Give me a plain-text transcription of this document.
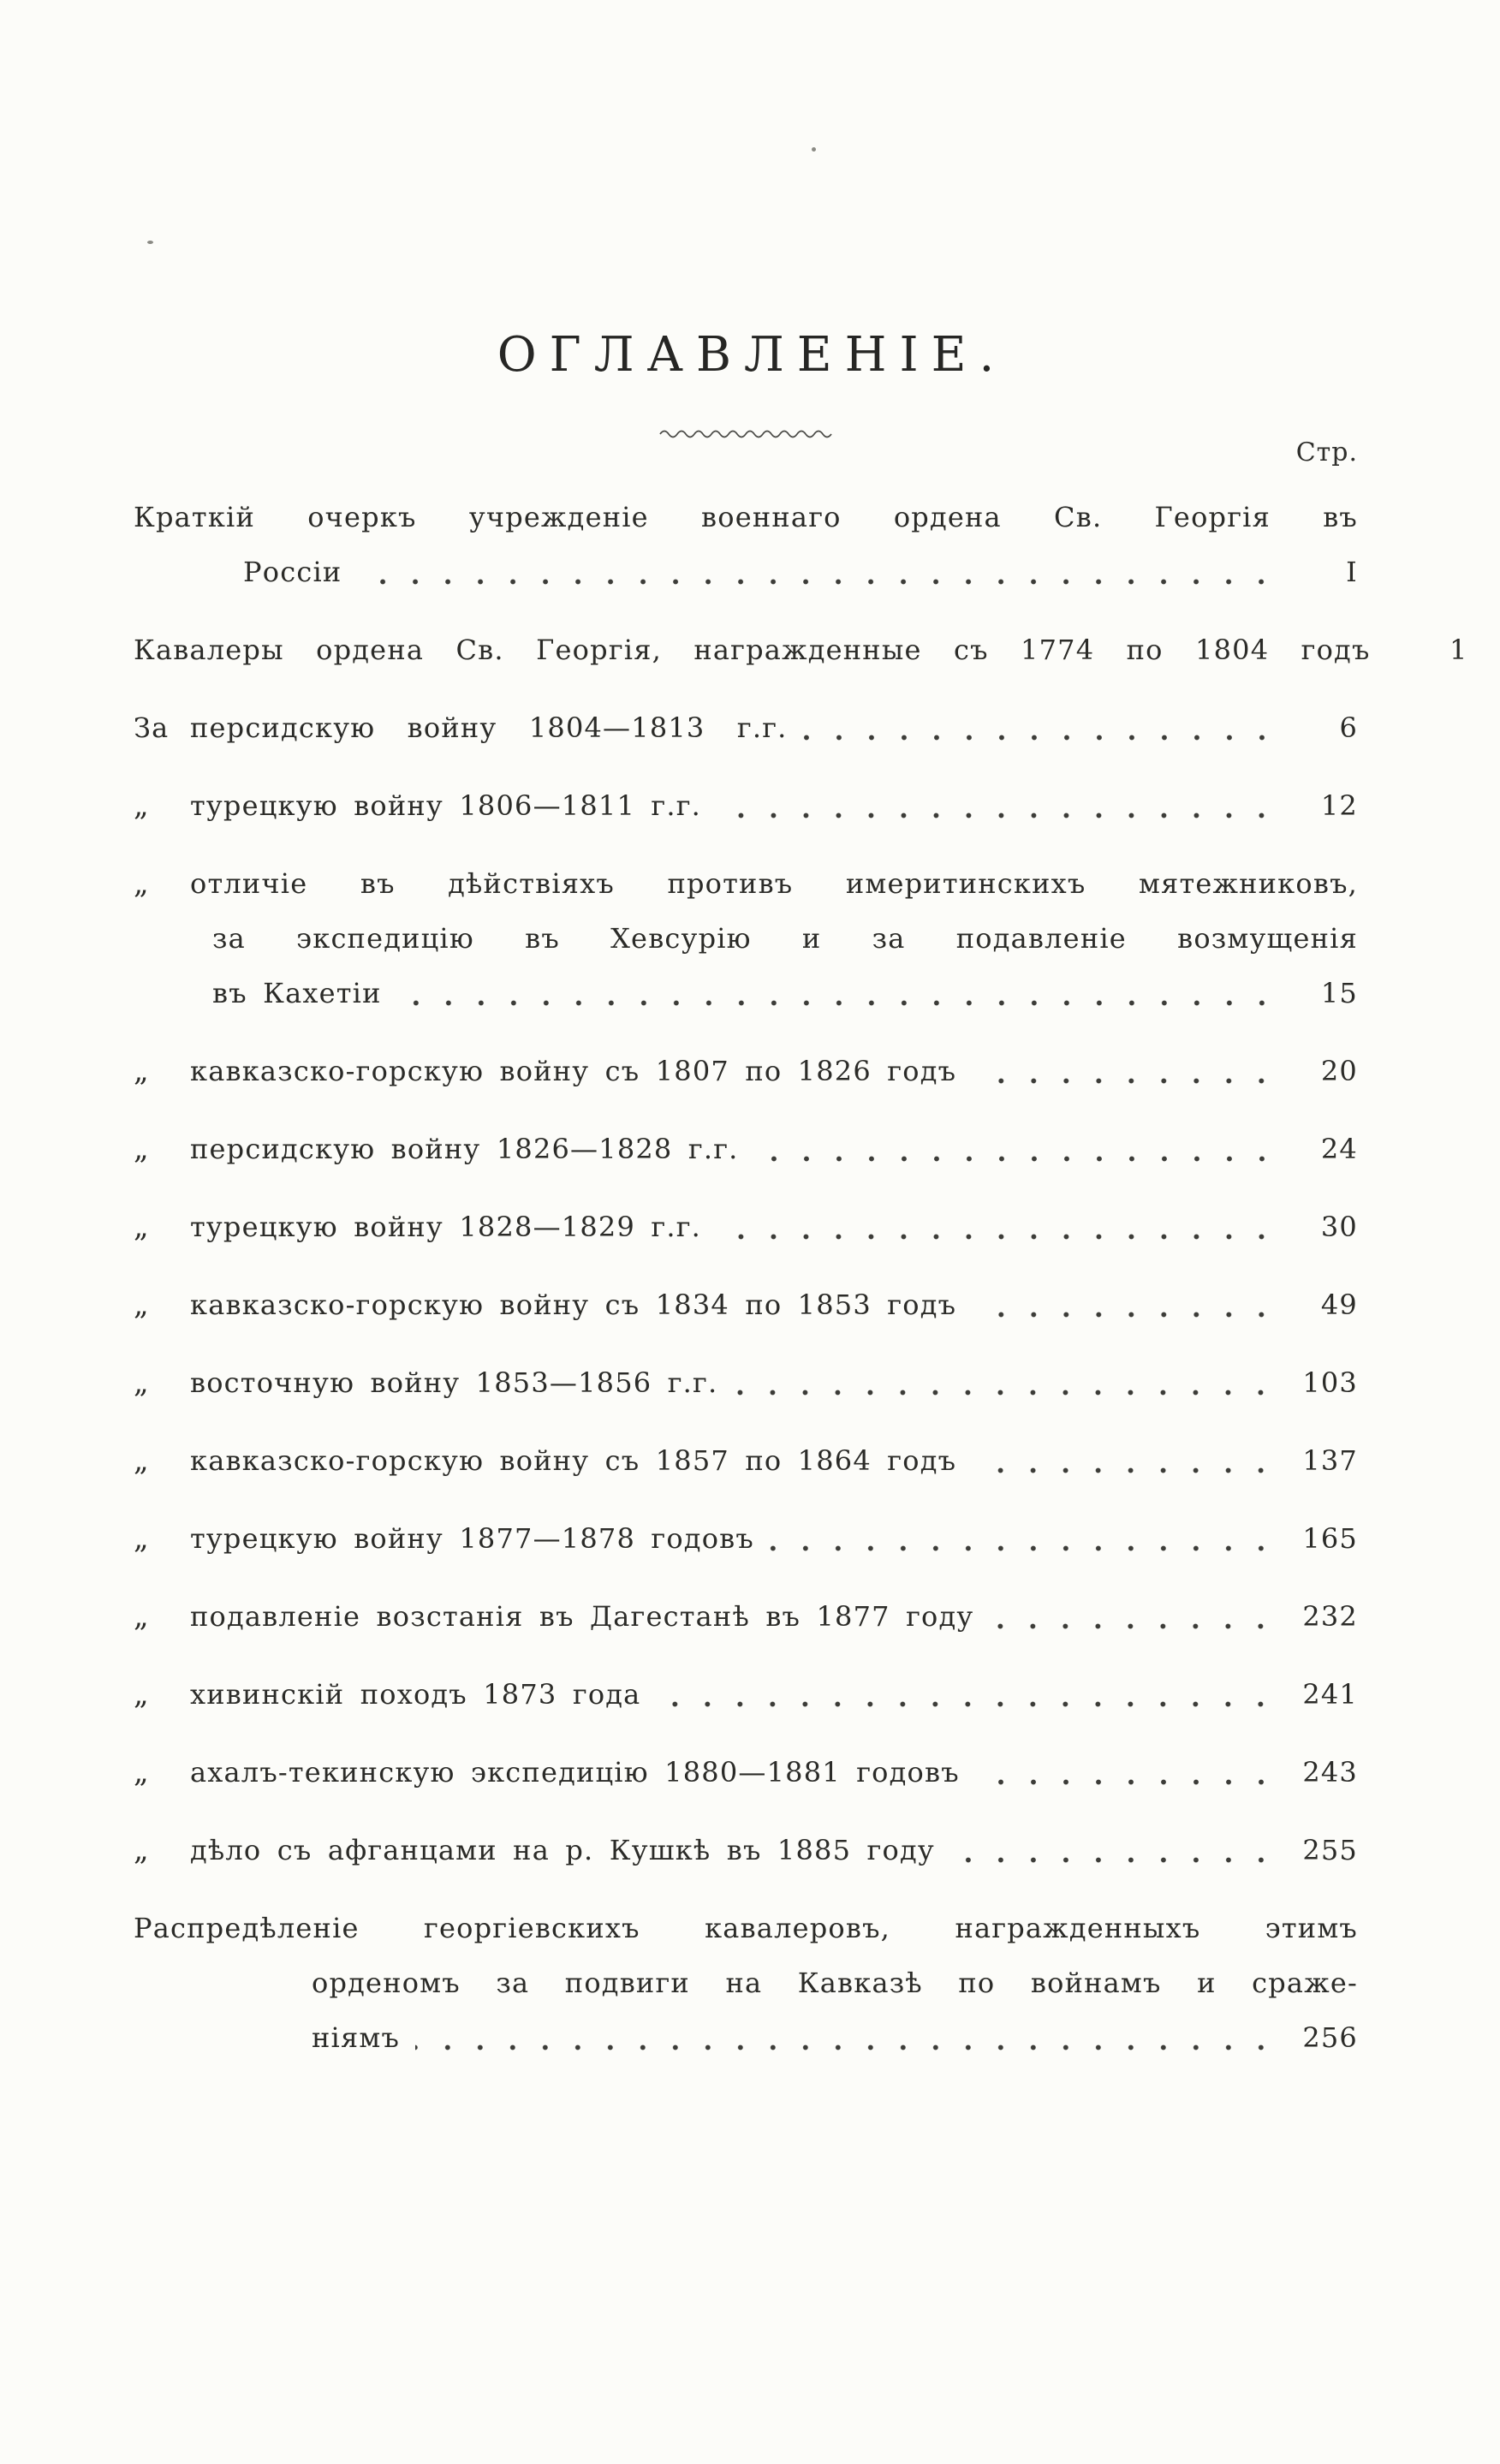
ОГЛАВЛЕНІЕ.
Стр.
Краткій очеркъ учрежденіе военнаго ордена Св. Георгія въ
Россіи	I
Кавалеры ордена Св. Георгія, награжденные съ 1774 по 1804 годъ	1
За персидскую войну 1804—1813 г.г.	6
„	турецкую войну 1806—1811 г.г.	12
„ отличіе въ дѣйствіяхъ противъ имеритинскихъ мятежниковъ,
за экспедицію въ Хевсурію и за подавленіе возмущенія
въ Кахетіи	15
„	кавказско-горскую войну съ 1807 по 1826 годъ	20
„	персидскую войну 1826—1828 г.г.	24
„	турецкую войну 1828—1829 г.г.	30
„	кавказско-горскую войну съ 1834 по 1853 годъ	49
„	восточную войну 1853—1856 г.г.	103
„	кавказско-горскую войну съ 1857 по 1864 годъ	137
„	турецкую войну 1877—1878 годовъ	165
„	подавленіе возстанія въ Дагестанѣ въ 1877 году	232
„	хивинскій походъ 1873 года	241
„	ахалъ-текинскую экспедицію 1880—1881 годовъ	243
„	дѣло съ афганцами на р. Кушкѣ въ 1885 году	255
Распредѣленіе георгіевскихъ кавалеровъ, награжденныхъ этимъ
орденомъ за подвиги на Кавказѣ по войнамъ и сраже-
ніямъ	256
